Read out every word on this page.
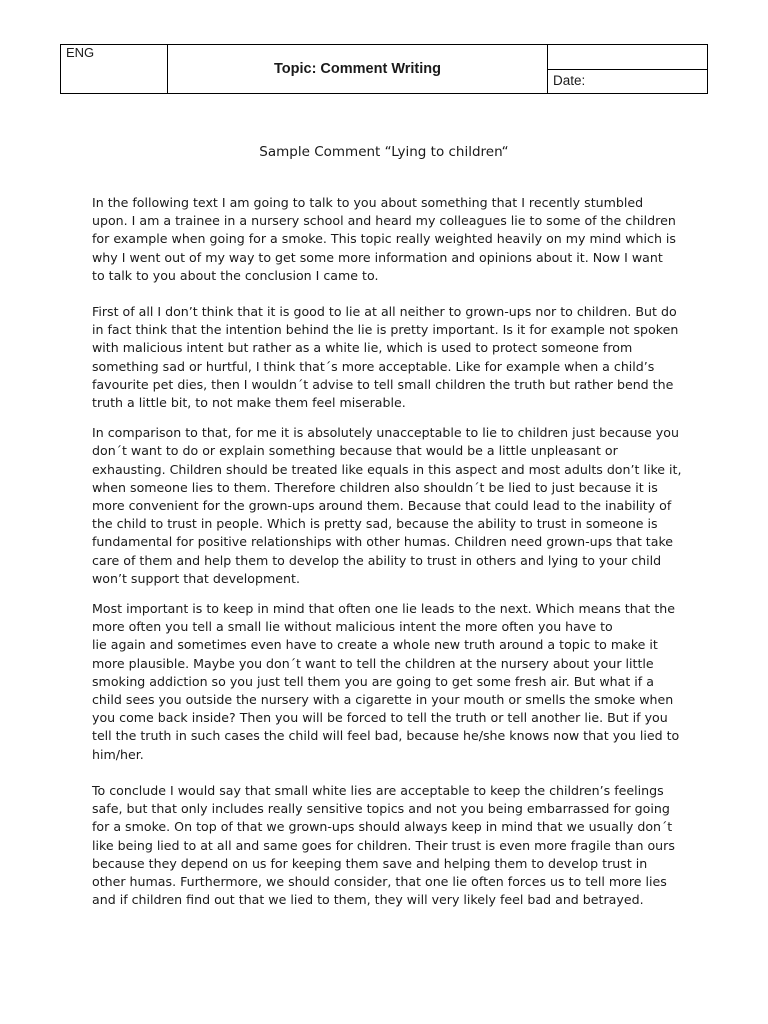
ENG
Topic: Comment Writing
Date:
Sample Comment “Lying to children“

In the following text I am going to talk to you about something that I recently stumbled
upon. I am a trainee in a nursery school and heard my colleagues lie to some of the children
for example when going for a smoke. This topic really weighted heavily on my mind which is
why I went out of my way to get some more information and opinions about it. Now I want
to talk to you about the conclusion I came to.

First of all I don’t think that it is good to lie at all neither to grown-ups nor to children. But do
in fact think that the intention behind the lie is pretty important. Is it for example not spoken
with malicious intent but rather as a white lie, which is used to protect someone from
something sad or hurtful, I think that´s more acceptable. Like for example when a child’s
favourite pet dies, then I wouldn´t advise to tell small children the truth but rather bend the
truth a little bit, to not make them feel miserable.

In comparison to that, for me it is absolutely unacceptable to lie to children just because you
don´t want to do or explain something because that would be a little unpleasant or
exhausting. Children should be treated like equals in this aspect and most adults don’t like it,
when someone lies to them. Therefore children also shouldn´t be lied to just because it is
more convenient for the grown-ups around them. Because that could lead to the inability of
the child to trust in people. Which is pretty sad, because the ability to trust in someone is
fundamental for positive relationships with other humas. Children need grown-ups that take
care of them and help them to develop the ability to trust in others and lying to your child
won’t support that development.

Most important is to keep in mind that often one lie leads to the next. Which means that the
more often you tell a small lie without malicious intent the more often you have to
lie again and sometimes even have to create a whole new truth around a topic to make it
more plausible. Maybe you don´t want to tell the children at the nursery about your little
smoking addiction so you just tell them you are going to get some fresh air. But what if a
child sees you outside the nursery with a cigarette in your mouth or smells the smoke when
you come back inside? Then you will be forced to tell the truth or tell another lie. But if you
tell the truth in such cases the child will feel bad, because he/she knows now that you lied to
him/her.

To conclude I would say that small white lies are acceptable to keep the children’s feelings
safe, but that only includes really sensitive topics and not you being embarrassed for going
for a smoke. On top of that we grown-ups should always keep in mind that we usually don´t
like being lied to at all and same goes for children. Their trust is even more fragile than ours
because they depend on us for keeping them save and helping them to develop trust in
other humas. Furthermore, we should consider, that one lie often forces us to tell more lies
and if children find out that we lied to them, they will very likely feel bad and betrayed.
